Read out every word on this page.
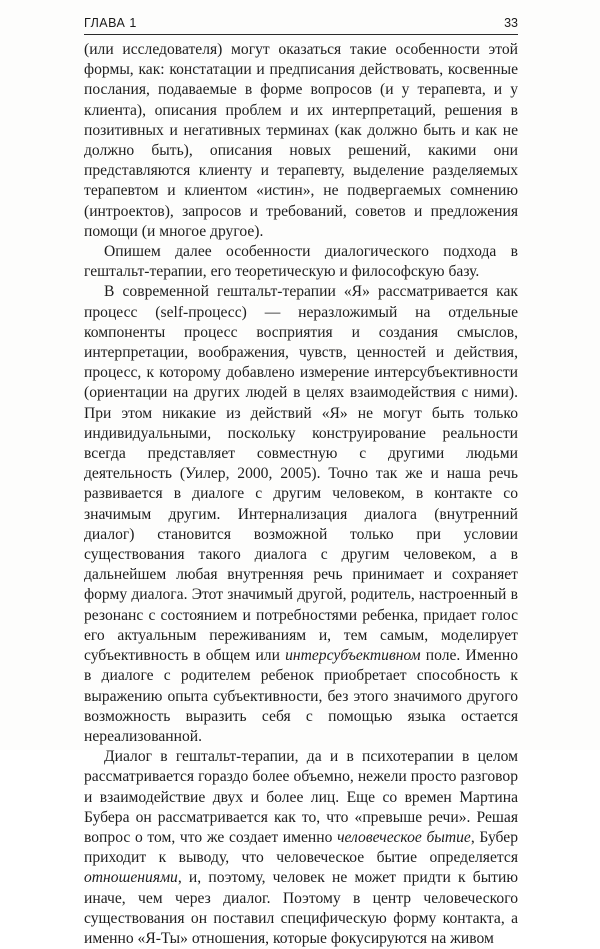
ГЛАВА 1	33

(или исследователя) могут оказаться такие особенности этой формы, как: констатации и предписания действовать, косвенные послания, подаваемые в форме вопросов (и у терапевта, и у клиента), описания проблем и их интерпретаций, решения в позитивных и негативных терминах (как должно быть и как не должно быть), описания новых решений, какими они представляются клиенту и терапевту, выделение разделяемых терапевтом и клиентом «истин», не подвергаемых сомнению (интроектов), запросов и требований, советов и предложения помощи (и многое другое).

Опишем далее особенности диалогического подхода в гештальт-терапии, его теоретическую и философскую базу.

В современной гештальт-терапии «Я» рассматривается как процесс (self-процесс) — неразложимый на отдельные компоненты процесс восприятия и создания смыслов, интерпретации, воображения, чувств, ценностей и действия, процесс, к которому добавлено измерение интерсубъективности (ориентации на других людей в целях взаимодействия с ними). При этом никакие из действий «Я» не могут быть только индивидуальными, поскольку конструирование реальности всегда представляет совместную с другими людьми деятельность (Уилер, 2000, 2005). Точно так же и наша речь развивается в диалоге с другим человеком, в контакте со значимым другим. Интернализация диалога (внутренний диалог) становится возможной только при условии существования такого диалога с другим человеком, а в дальнейшем любая внутренняя речь принимает и сохраняет форму диалога. Этот значимый другой, родитель, настроенный в резонанс с состоянием и потребностями ребенка, придает голос его актуальным переживаниям и, тем самым, моделирует субъективность в общем или интерсубъективном поле. Именно в диалоге с родителем ребенок приобретает способность к выражению опыта субъективности, без этого значимого другого возможность выразить себя с помощью языка остается нереализованной.

Диалог в гештальт-терапии, да и в психотерапии в целом рассматривается гораздо более объемно, нежели просто разговор и взаимодействие двух и более лиц. Еще со времен Мартина Бубера он рассматривается как то, что «превыше речи». Решая вопрос о том, что же создает именно человеческое бытие, Бубер приходит к выводу, что человеческое бытие определяется отношениями, и, поэтому, человек не может придти к бытию иначе, чем через диалог. Поэтому в центр человеческого существования он поставил специфическую форму контакта, а именно «Я-Ты» отношения, которые фокусируются на живом
